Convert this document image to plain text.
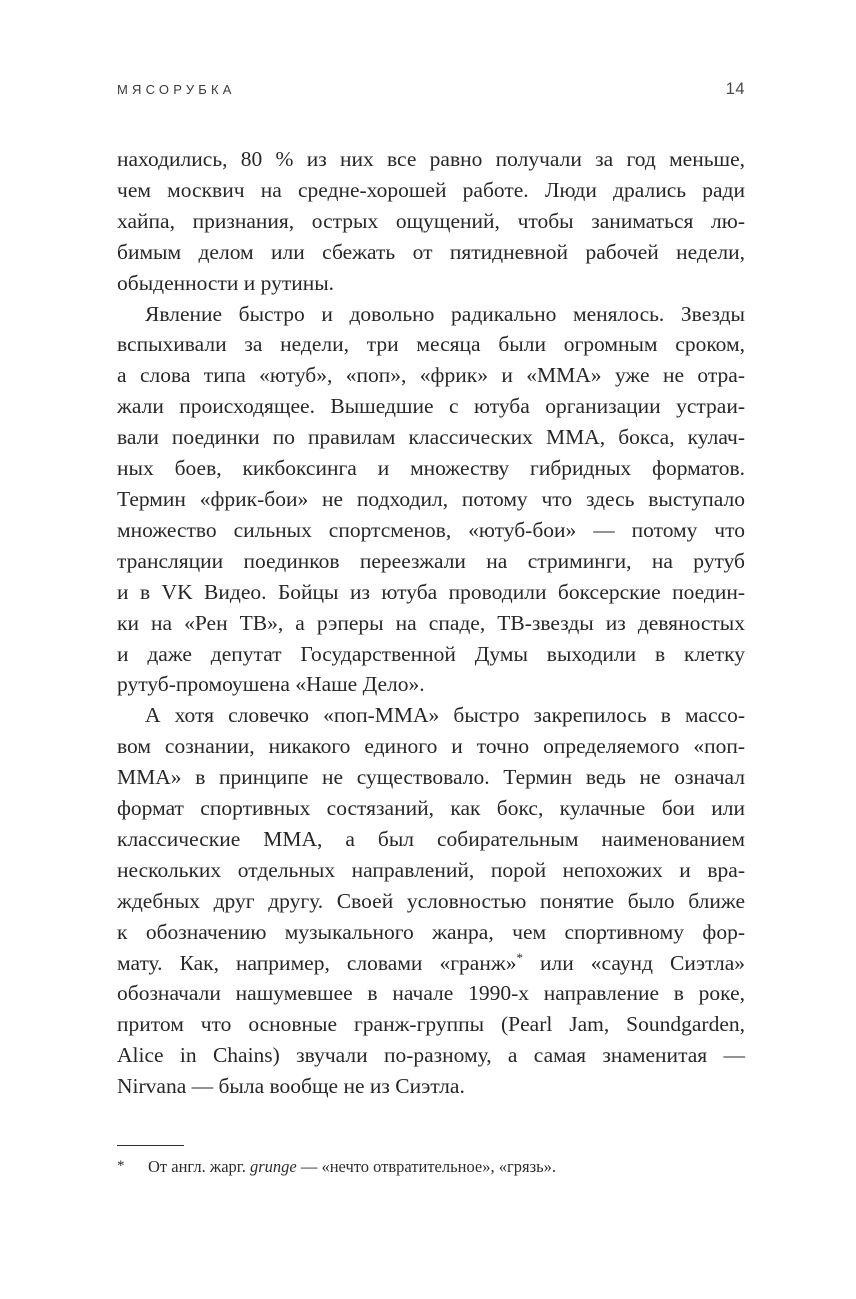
МЯСОРУБКА	14
находились, 80 % из них все равно получали за год меньше,
чем москвич на средне-хорошей работе. Люди дрались ради
хайпа, признания, острых ощущений, чтобы заниматься лю-
бимым делом или сбежать от пятидневной рабочей недели,
обыденности и рутины.
Явление быстро и довольно радикально менялось. Звезды
вспыхивали за недели, три месяца были огромным сроком,
а слова типа «ютуб», «поп», «фрик» и «ММА» уже не отра-
жали происходящее. Вышедшие с ютуба организации устраи-
вали поединки по правилам классических ММА, бокса, кулач-
ных боев, кикбоксинга и множеству гибридных форматов.
Термин «фрик-бои» не подходил, потому что здесь выступало
множество сильных спортсменов, «ютуб-бои» — потому что
трансляции поединков переезжали на стриминги, на рутуб
и в VK Видео. Бойцы из ютуба проводили боксерские поедин-
ки на «Рен ТВ», а рэперы на спаде, ТВ-звезды из девяностых
и даже депутат Государственной Думы выходили в клетку
рутуб-промоушена «Наше Дело».
А хотя словечко «поп-ММА» быстро закрепилось в массо-
вом сознании, никакого единого и точно определяемого «поп-
ММА» в принципе не существовало. Термин ведь не означал
формат спортивных состязаний, как бокс, кулачные бои или
классические ММА, а был собирательным наименованием
нескольких отдельных направлений, порой непохожих и вра-
ждебных друг другу. Своей условностью понятие было ближе
к обозначению музыкального жанра, чем спортивному фор-
мату. Как, например, словами «гранж»* или «саунд Сиэтла»
обозначали нашумевшее в начале 1990-х направление в роке,
притом что основные гранж-группы (Pearl Jam, Soundgarden,
Alice in Chains) звучали по-разному, а самая знаменитая —
Nirvana — была вообще не из Сиэтла.
*	От англ. жарг. grunge — «нечто отвратительное», «грязь».
